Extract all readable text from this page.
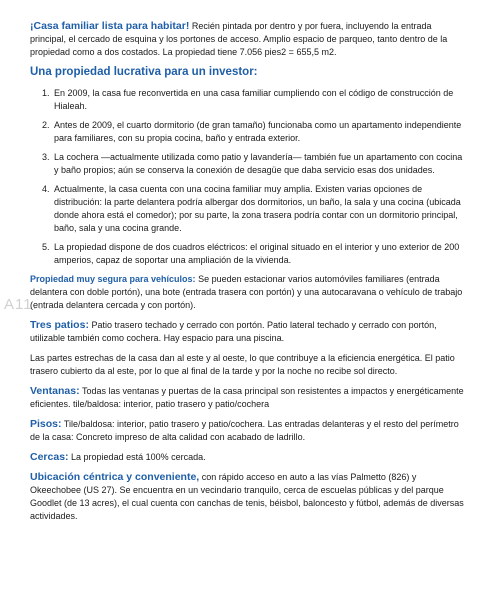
¡Casa familiar lista para habitar! Recién pintada por dentro y por fuera, incluyendo la entrada principal, el cercado de esquina y los portones de acceso. Amplio espacio de parqueo, tanto dentro de la propiedad como a dos costados. La propiedad tiene 7.056 pies2 = 655,5 m2.

Una propiedad lucrativa para un investor:

1. En 2009, la casa fue reconvertida en una casa familiar cumpliendo con el código de construcción de Hialeah.
2. Antes de 2009, el cuarto dormitorio (de gran tamaño) funcionaba como un apartamento independiente para familiares, con su propia cocina, baño y entrada exterior.
3. La cochera —actualmente utilizada como patio y lavandería— también fue un apartamento con cocina y baño propios; aún se conserva la conexión de desagüe que daba servicio esas dos unidades.
4. Actualmente, la casa cuenta con una cocina familiar muy amplia. Existen varias opciones de distribución: la parte delantera podría albergar dos dormitorios, un baño, la sala y una cocina (ubicada donde ahora está el comedor); por su parte, la zona trasera podría contar con un dormitorio principal, baño, sala y una cocina grande.
5. La propiedad dispone de dos cuadros eléctricos: el original situado en el interior y uno exterior de 200 amperios, capaz de soportar una ampliación de la vivienda.

Propiedad muy segura para vehículos: Se pueden estacionar varios automóviles familiares (entrada delantera con doble portón), una bote (entrada trasera con portón) y una autocaravana o vehículo de trabajo (entrada delantera cercada y con portón).

Tres patios: Patio trasero techado y cerrado con portón. Patio lateral techado y cerrado con portón, utilizable también como cochera. Hay espacio para una piscina.

Las partes estrechas de la casa dan al este y al oeste, lo que contribuye a la eficiencia energética. El patio trasero cubierto da al este, por lo que al final de la tarde y por la noche no recibe sol directo.

Ventanas: Todas las ventanas y puertas de la casa principal son resistentes a impactos y energéticamente eficientes. tile/baldosa: interior, patio trasero y patio/cochera

Pisos: Tile/baldosa: interior, patio trasero y patio/cochera. Las entradas delanteras y el resto del perímetro de la casa: Concreto impreso de alta calidad con acabado de ladrillo.

Cercas: La propiedad está 100% cercada.

Ubicación céntrica y conveniente, con rápido acceso en auto a las vías Palmetto (826) y Okeechobee (US 27). Se encuentra en un vecindario tranquilo, cerca de escuelas públicas y del parque Goodlet (de 13 acres), el cual cuenta con canchas de tenis, béisbol, baloncesto y fútbol, además de diversas actividades.

A11...
